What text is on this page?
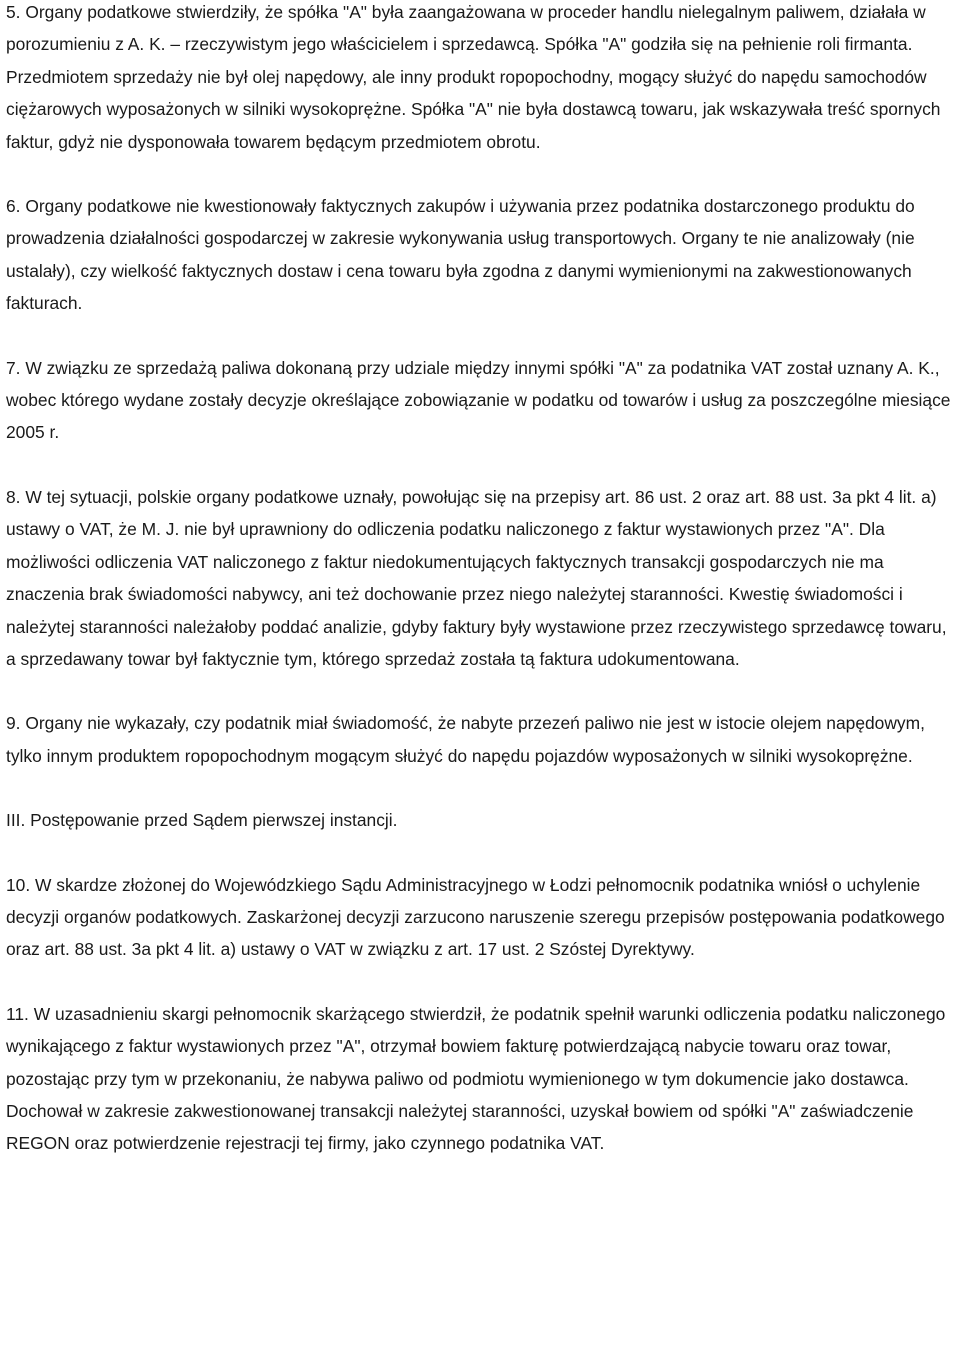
5. Organy podatkowe stwierdziły, że spółka "A" była zaangażowana w proceder handlu nielegalnym paliwem, działała w porozumieniu z A. K. – rzeczywistym jego właścicielem i sprzedawcą. Spółka "A" godziła się na pełnienie roli firmanta. Przedmiotem sprzedaży nie był olej napędowy, ale inny produkt ropopochodny, mogący służyć do napędu samochodów ciężarowych wyposażonych w silniki wysokoprężne. Spółka "A" nie była dostawcą towaru, jak wskazywała treść spornych faktur, gdyż nie dysponowała towarem będącym przedmiotem obrotu.

6. Organy podatkowe nie kwestionowały faktycznych zakupów i używania przez podatnika dostarczonego produktu do prowadzenia działalności gospodarczej w zakresie wykonywania usług transportowych. Organy te nie analizowały (nie ustalały), czy wielkość faktycznych dostaw i cena towaru była zgodna z danymi wymienionymi na zakwestionowanych fakturach.

7. W związku ze sprzedażą paliwa dokonaną przy udziale między innymi spółki "A" za podatnika VAT został uznany A. K., wobec którego wydane zostały decyzje określające zobowiązanie w podatku od towarów i usług za poszczególne miesiące 2005 r.

8. W tej sytuacji, polskie organy podatkowe uznały, powołując się na przepisy art. 86 ust. 2 oraz art. 88 ust. 3a pkt 4 lit. a) ustawy o VAT, że M. J. nie był uprawniony do odliczenia podatku naliczonego z faktur wystawionych przez "A". Dla możliwości odliczenia VAT naliczonego z faktur niedokumentujących faktycznych transakcji gospodarczych nie ma znaczenia brak świadomości nabywcy, ani też dochowanie przez niego należytej staranności. Kwestię świadomości i należytej staranności należałoby poddać analizie, gdyby faktury były wystawione przez rzeczywistego sprzedawcę towaru, a sprzedawany towar był faktycznie tym, którego sprzedaż została tą faktura udokumentowana.

9. Organy nie wykazały, czy podatnik miał świadomość, że nabyte przezeń paliwo nie jest w istocie olejem napędowym, tylko innym produktem ropopochodnym mogącym służyć do napędu pojazdów wyposażonych w silniki wysokoprężne.

III. Postępowanie przed Sądem pierwszej instancji.

10. W skardze złożonej do Wojewódzkiego Sądu Administracyjnego w Łodzi pełnomocnik podatnika wniósł o uchylenie decyzji organów podatkowych. Zaskarżonej decyzji zarzucono naruszenie szeregu przepisów postępowania podatkowego oraz art. 88 ust. 3a pkt 4 lit. a) ustawy o VAT w związku z art. 17 ust. 2 Szóstej Dyrektywy.

11. W uzasadnieniu skargi pełnomocnik skarżącego stwierdził, że podatnik spełnił warunki odliczenia podatku naliczonego wynikającego z faktur wystawionych przez "A", otrzymał bowiem fakturę potwierdzającą nabycie towaru oraz towar, pozostając przy tym w przekonaniu, że nabywa paliwo od podmiotu wymienionego w tym dokumencie jako dostawca. Dochował w zakresie zakwestionowanej transakcji należytej staranności, uzyskał bowiem od spółki "A" zaświadczenie REGON oraz potwierdzenie rejestracji tej firmy, jako czynnego podatnika VAT.
